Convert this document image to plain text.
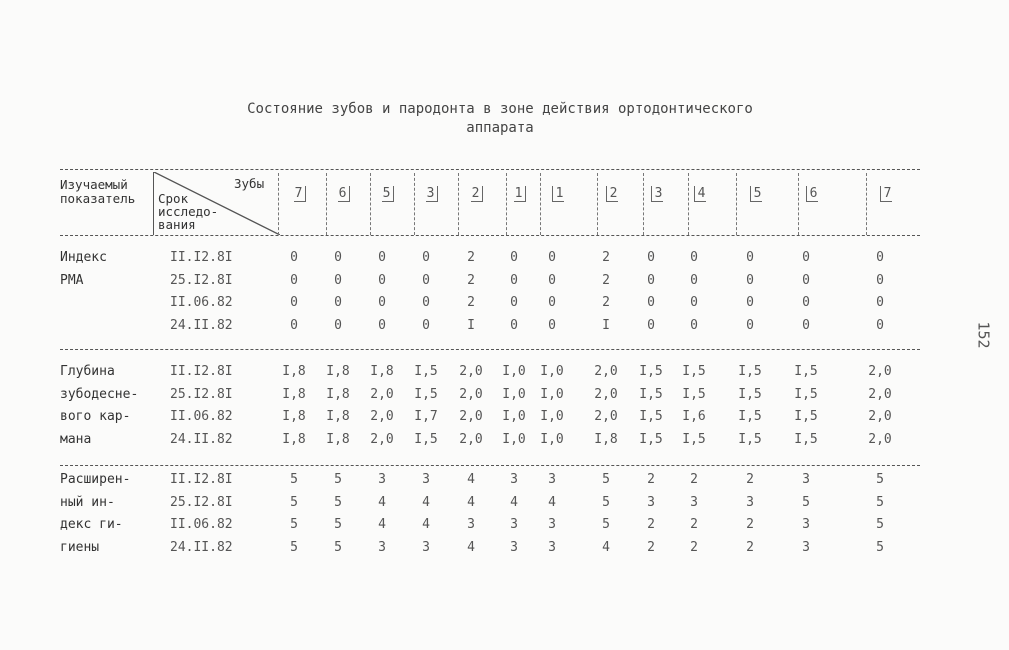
Состояние зубов и пародонта в зоне действия ортодонтического
аппарата
152
Изучаемый
показатель
Зубы
Срок
исследо-
вания
7	6	5	3	2	1	1	2	3	4	5	6	7
Индекс
PMA
II.I2.8I	0	0	0	0	2	0	0	2	0	0	0	0	0
25.I2.8I	0	0	0	0	2	0	0	2	0	0	0	0	0
II.06.82	0	0	0	0	2	0	0	2	0	0	0	0	0
24.II.82	0	0	0	0	I	0	0	I	0	0	0	0	0
Глубина
зубодесне-
вого кар-
мана
II.I2.8I	I,8	I,8	I,8	I,5	2,0	I,0	I,0	2,0	I,5	I,5	I,5	I,5	2,0
25.I2.8I	I,8	I,8	2,0	I,5	2,0	I,0	I,0	2,0	I,5	I,5	I,5	I,5	2,0
II.06.82	I,8	I,8	2,0	I,7	2,0	I,0	I,0	2,0	I,5	I,6	I,5	I,5	2,0
24.II.82	I,8	I,8	2,0	I,5	2,0	I,0	I,0	I,8	I,5	I,5	I,5	I,5	2,0
Расширен-
ный ин-
декс ги-
гиены
II.I2.8I	5	5	3	3	4	3	3	5	2	2	2	3	5
25.I2.8I	5	5	4	4	4	4	4	5	3	3	3	5	5
II.06.82	5	5	4	4	3	3	3	5	2	2	2	3	5
24.II.82	5	5	3	3	4	3	3	4	2	2	2	3	5
